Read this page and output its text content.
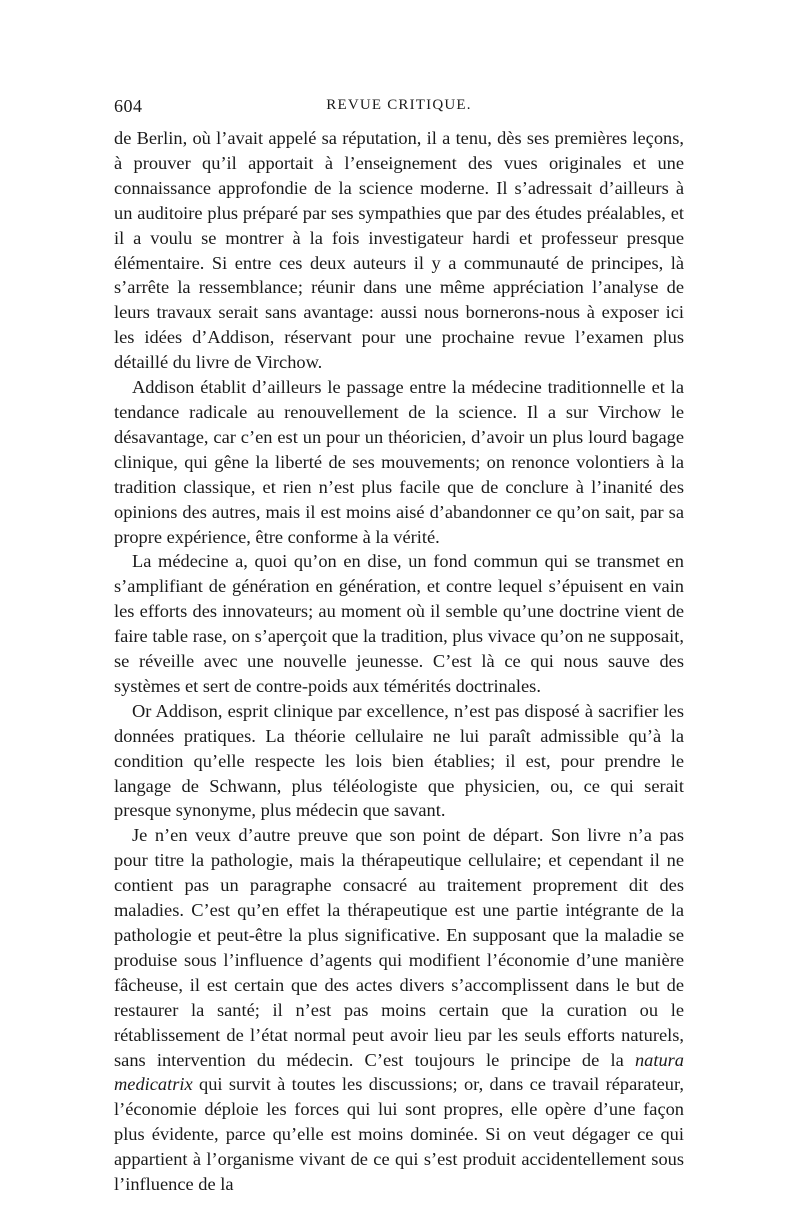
604	REVUE CRITIQUE.

de Berlin, où l’avait appelé sa réputation, il a tenu, dès ses premières leçons, à prouver qu’il apportait à l’enseignement des vues originales et une connaissance approfondie de la science moderne. Il s’adressait d’ailleurs à un auditoire plus préparé par ses sympathies que par des études préalables, et il a voulu se montrer à la fois investigateur hardi et professeur presque élémentaire. Si entre ces deux auteurs il y a communauté de principes, là s’arrête la ressemblance; réunir dans une même appréciation l’analyse de leurs travaux serait sans avantage: aussi nous bornerons-nous à exposer ici les idées d’Addison, réservant pour une prochaine revue l’examen plus détaillé du livre de Virchow.

Addison établit d’ailleurs le passage entre la médecine traditionnelle et la tendance radicale au renouvellement de la science. Il a sur Virchow le désavantage, car c’en est un pour un théoricien, d’avoir un plus lourd bagage clinique, qui gêne la liberté de ses mouvements; on renonce volontiers à la tradition classique, et rien n’est plus facile que de conclure à l’inanité des opinions des autres, mais il est moins aisé d’abandonner ce qu’on sait, par sa propre expérience, être conforme à la vérité.

La médecine a, quoi qu’on en dise, un fond commun qui se transmet en s’amplifiant de génération en génération, et contre lequel s’épuisent en vain les efforts des innovateurs; au moment où il semble qu’une doctrine vient de faire table rase, on s’aperçoit que la tradition, plus vivace qu’on ne supposait, se réveille avec une nouvelle jeunesse. C’est là ce qui nous sauve des systèmes et sert de contre-poids aux témérités doctrinales.

Or Addison, esprit clinique par excellence, n’est pas disposé à sacrifier les données pratiques. La théorie cellulaire ne lui paraît admissible qu’à la condition qu’elle respecte les lois bien établies; il est, pour prendre le langage de Schwann, plus téléologiste que physicien, ou, ce qui serait presque synonyme, plus médecin que savant.

Je n’en veux d’autre preuve que son point de départ. Son livre n’a pas pour titre la pathologie, mais la thérapeutique cellulaire; et cependant il ne contient pas un paragraphe consacré au traitement proprement dit des maladies. C’est qu’en effet la thérapeutique est une partie intégrante de la pathologie et peut-être la plus significative. En supposant que la maladie se produise sous l’influence d’agents qui modifient l’économie d’une manière fâcheuse, il est certain que des actes divers s’accomplissent dans le but de restaurer la santé; il n’est pas moins certain que la curation ou le rétablissement de l’état normal peut avoir lieu par les seuls efforts naturels, sans intervention du médecin. C’est toujours le principe de la natura medicatrix qui survit à toutes les discussions; or, dans ce travail réparateur, l’économie déploie les forces qui lui sont propres, elle opère d’une façon plus évidente, parce qu’elle est moins dominée. Si on veut dégager ce qui appartient à l’organisme vivant de ce qui s’est produit accidentellement sous l’influence de la
